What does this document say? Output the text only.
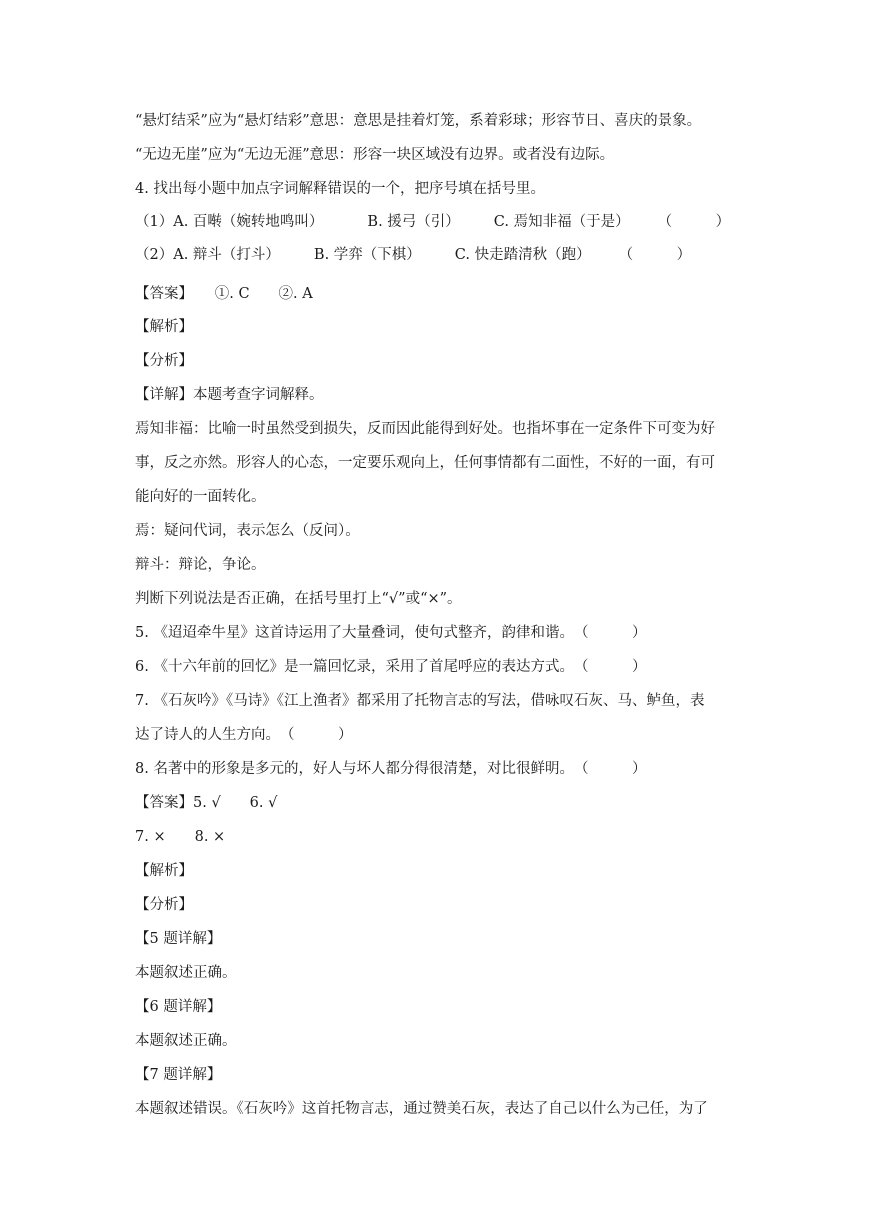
“悬灯结采”应为“悬灯结彩”意思：意思是挂着灯笼，系着彩球；形容节日、喜庆的景象。
“无边无崖”应为“无边无涯”意思：形容一块区域没有边界。或者没有边际。
4. 找出每小题中加点字词解释错误的一个，把序号填在括号里。
（1）A. 百啭（婉转地鸣叫）	B. 援弓（引） C. 焉知非福（于是） （　　　）
（2）A. 辩斗（打斗） B. 学弈（下棋） C. 快走踏清秋（跑） （　　　）
【答案】　　①. C　　②. A
【解析】
【分析】
【详解】本题考查字词解释。
焉知非福：比喻一时虽然受到损失，反而因此能得到好处。也指坏事在一定条件下可变为好
事，反之亦然。形容人的心态，一定要乐观向上，任何事情都有二面性，不好的一面，有可
能向好的一面转化。
焉：疑问代词，表示怎么（反问）。
辩斗：辩论，争论。
判断下列说法是否正确，在括号里打上“√”或“×”。
5. 《迢迢牵牛星》这首诗运用了大量叠词，使句式整齐，韵律和谐。　（　　　）
6. 《十六年前的回忆》是一篇回忆录，采用了首尾呼应的表达方式。　（　　　）
7. 《石灰吟》《马诗》《江上渔者》都采用了托物言志的写法，借咏叹石灰、马、鲈鱼，表
达了诗人的人生方向。　（　　　）
8. 名著中的形象是多元的，好人与坏人都分得很清楚，对比很鲜明。　（　　　）
【答案】5. √　　6. √
7. ×　　8. ×
【解析】
【分析】
【5 题详解】
本题叙述正确。
【6 题详解】
本题叙述正确。
【7 题详解】
本题叙述错误。《石灰吟》这首托物言志，通过赞美石灰，表达了自己以什么为己任，为了
